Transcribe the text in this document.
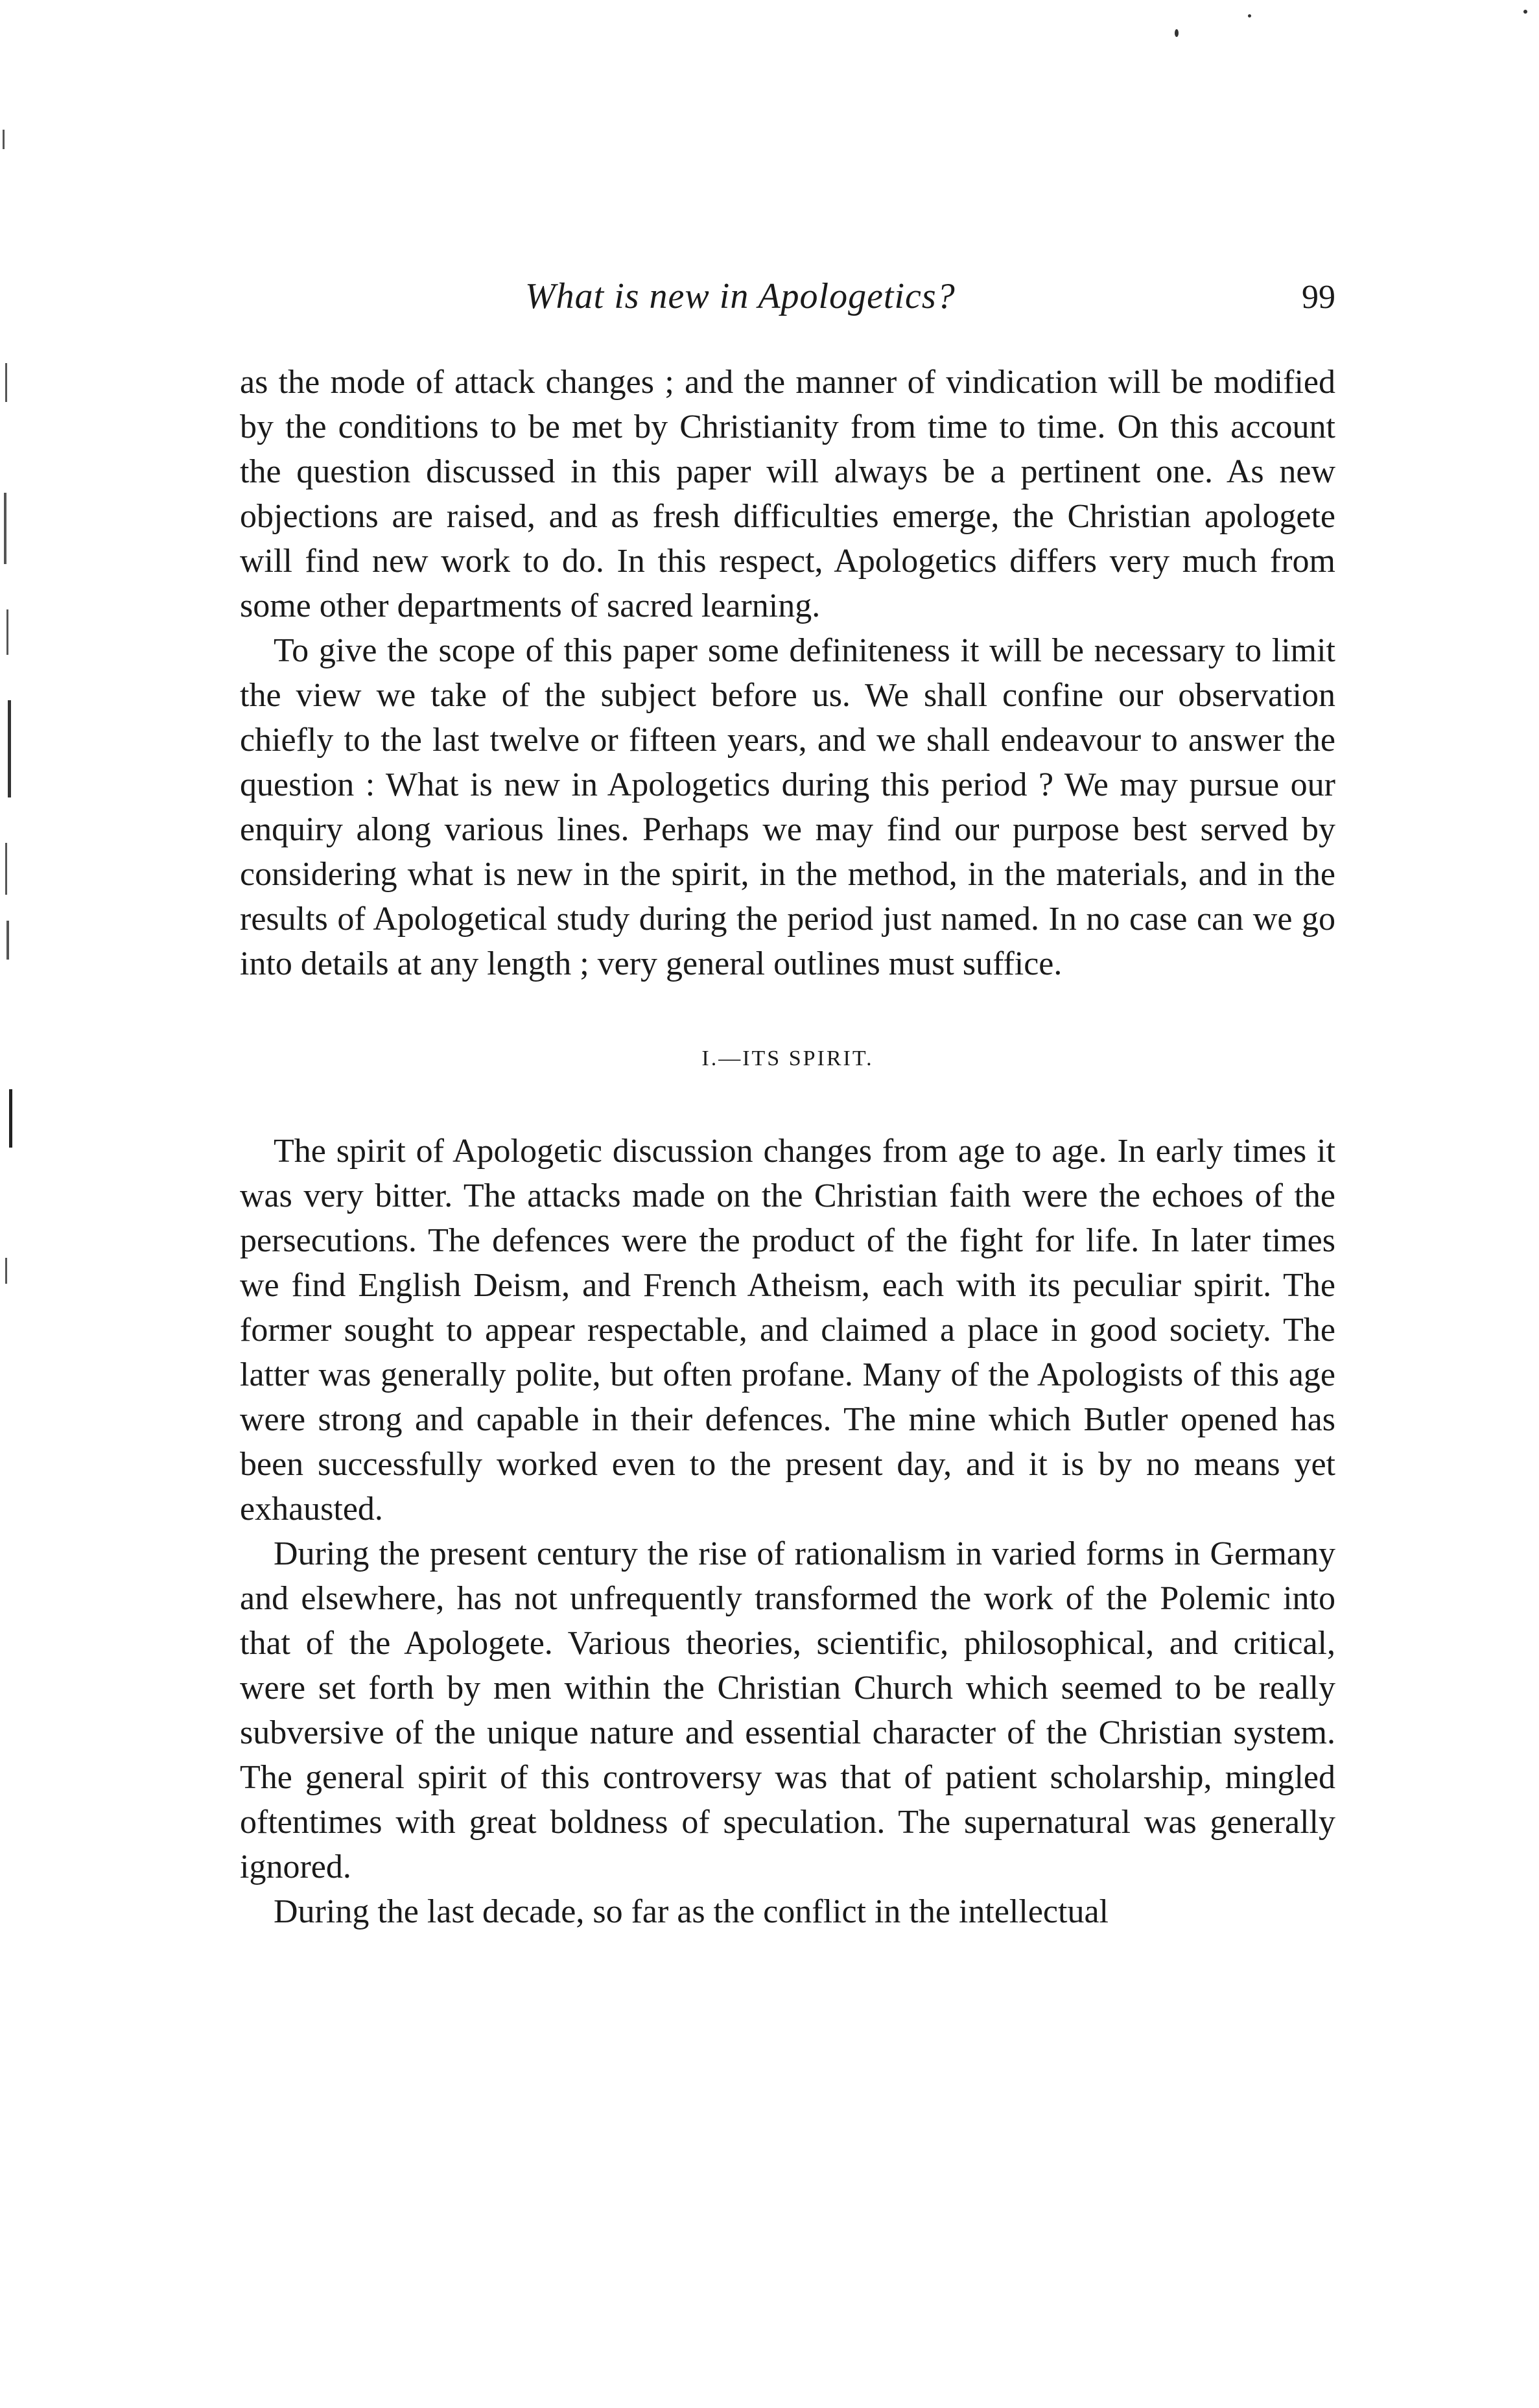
What is new in Apologetics?	99

as the mode of attack changes ; and the manner of vindication will be modified by the conditions to be met by Christianity from time to time. On this account the question discussed in this paper will always be a pertinent one. As new objections are raised, and as fresh difficulties emerge, the Christian apologete will find new work to do. In this respect, Apologetics differs very much from some other departments of sacred learning.

To give the scope of this paper some definiteness it will be necessary to limit the view we take of the subject before us. We shall confine our observation chiefly to the last twelve or fifteen years, and we shall endeavour to answer the question : What is new in Apologetics during this period ? We may pursue our enquiry along various lines. Perhaps we may find our purpose best served by considering what is new in the spirit, in the method, in the materials, and in the results of Apologetical study during the period just named. In no case can we go into details at any length ; very general outlines must suffice.

I.—ITS SPIRIT.

The spirit of Apologetic discussion changes from age to age. In early times it was very bitter. The attacks made on the Christian faith were the echoes of the persecutions. The defences were the product of the fight for life. In later times we find English Deism, and French Atheism, each with its peculiar spirit. The former sought to appear respectable, and claimed a place in good society. The latter was generally polite, but often profane. Many of the Apologists of this age were strong and capable in their defences. The mine which Butler opened has been successfully worked even to the present day, and it is by no means yet exhausted.

During the present century the rise of rationalism in varied forms in Germany and elsewhere, has not unfrequently transformed the work of the Polemic into that of the Apologete. Various theories, scientific, philosophical, and critical, were set forth by men within the Christian Church which seemed to be really subversive of the unique nature and essential character of the Christian system. The general spirit of this controversy was that of patient scholarship, mingled oftentimes with great boldness of speculation. The supernatural was generally ignored.

During the last decade, so far as the conflict in the intellectual
